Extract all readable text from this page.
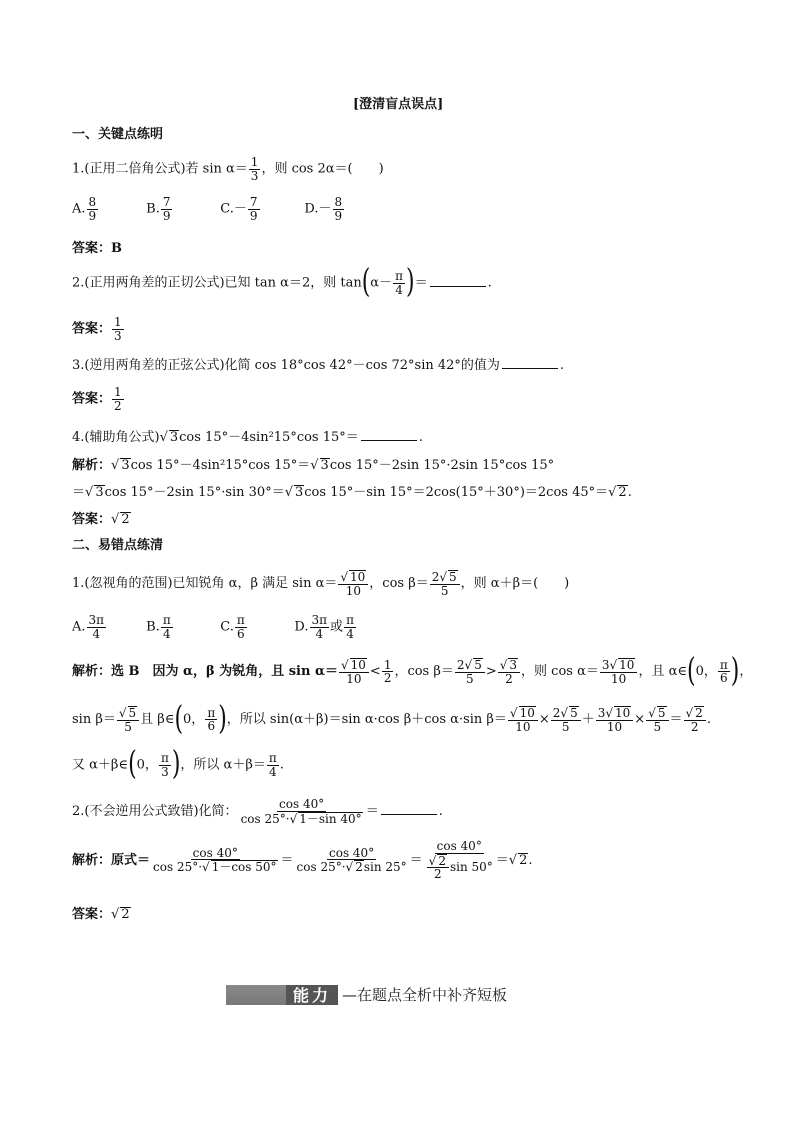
[澄清盲点误点]
一、关键点练明
1.(正用二倍角公式)若 $\sin \alpha= \frac{1}{3}$ ，则 cos 2α＝(　　)
A. $\frac{8}{9}$	B. $\frac{7}{9}$	$C.- \frac{7}{9}$	$D.- \frac{8}{9}$
答案：B
2.(正用两角差的正切公式)已知 tan α＝2，则 $\tan(\alpha- \frac{\pi}{4}$ )＝	.
答案： $\frac{1}{3}$
3.(逆用两角差的正弦公式)化简 cos 18°cos 42°－cos 72°sin 42°的值为	.
答案： $\frac{1}{2}$
4.(辅助角公式) √ 3cos 15°－4sin²15°cos 15°＝	.
解析： √ 3cos 15°－4sin²15°cos 15°＝ √ 3cos 15°－2sin 15°·2sin 15°cos 15°
＝ √ 3cos 15°－2sin 15°·sin 30°＝ √ 3cos 15°－sin 15°＝2cos(15°＋30°)＝2cos 45°＝ √ 2.
答案： √ 2
二、易错点练清
1.(忽视角的范围)已知锐角 α，β 满足 sin α＝ √ $\frac{10}{10}$ ，$\cos \beta= \frac{2 √ 5}{5}$ ，则 α＋β＝(　　)
A. $\frac{3\pi}{4}$	B. $\frac{\pi}{4}$	C. $\frac{\pi}{6}$	D. $\frac{3\pi}{4}$ 或 $\frac{\pi}{4}$
解析：选 B　因为 α，β 为锐角，且 sin α＝ √ $\frac{10}{10} < \frac{1}{2}$ ，$\cos \beta= \frac{2 √ 5}{5}$ > √ $\frac{3}{2}$ ，则 $\cos \alpha= \frac{3 √ 10}{10}$ ，且 α∈(0， $\frac{\pi}{6}$ )，
sin β＝ √ $\frac{5}{5}$ 且 β∈(0， $\frac{\pi}{6}$ )，所以 sin(α＋β)＝sin α·cos β＋cos α·sin β＝ √ $\frac{10}{10} \times \frac{2 √ 5}{5} + \frac{3 √ 10}{10}$ × √ $\frac{5}{5}$ ＝ √ $\frac{2}{2}$ .
又 α＋β∈(0， $\frac{\pi}{3}$ )，所以 $\alpha+\beta= \frac{\pi}{4}$ .
2.(不会逆用公式致错)化简： $\frac{\cos 40^\circ}{\cos 25^\circ\cdot √ 1-\sin 40^\circ}$ ＝	.
解析：原式＝ $\frac{\cos 40^\circ}{\cos 25^\circ\cdot √ 1-\cos 50^\circ} = \frac{\cos 40^\circ}{\cos 25^\circ\cdot √ 2\sin 25^\circ} = \cos 40^\circ$
√ $\frac{2}{2}$ sin 50° ＝ √ 2.
答案： √ 2
能力 —在题点全析中补齐短板
